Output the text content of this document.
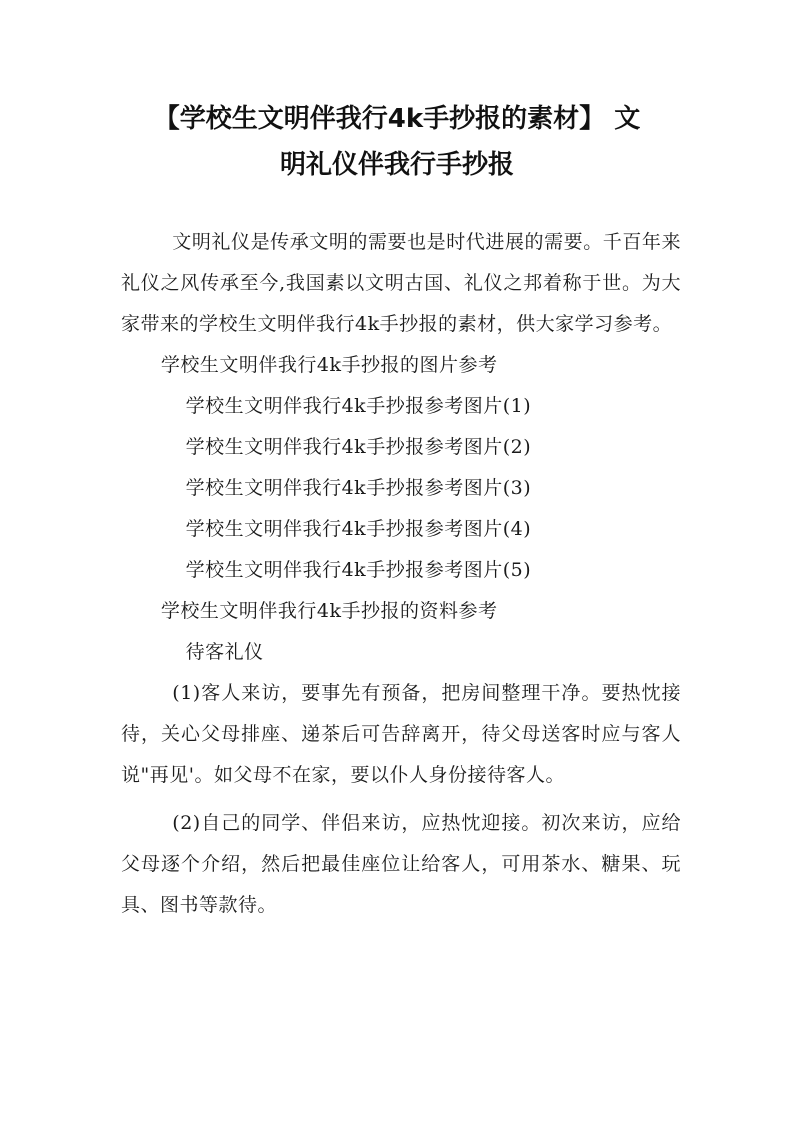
【学校生文明伴我行4k手抄报的素材】 文
明礼仪伴我行手抄报

文明礼仪是传承文明的需要也是时代进展的需要。千百年来礼仪之风传承至今,我国素以文明古国、礼仪之邦着称于世。为大家带来的学校生文明伴我行4k手抄报的素材，供大家学习参考。

学校生文明伴我行4k手抄报的图片参考

学校生文明伴我行4k手抄报参考图片(1)

学校生文明伴我行4k手抄报参考图片(2)

学校生文明伴我行4k手抄报参考图片(3)

学校生文明伴我行4k手抄报参考图片(4)

学校生文明伴我行4k手抄报参考图片(5)

学校生文明伴我行4k手抄报的资料参考

待客礼仪

(1)客人来访，要事先有预备，把房间整理干净。要热忱接待，关心父母排座、递茶后可告辞离开，待父母送客时应与客人说"再见'。如父母不在家，要以仆人身份接待客人。

(2)自己的同学、伴侣来访，应热忱迎接。初次来访，应给父母逐个介绍，然后把最佳座位让给客人，可用茶水、糖果、玩具、图书等款待。
